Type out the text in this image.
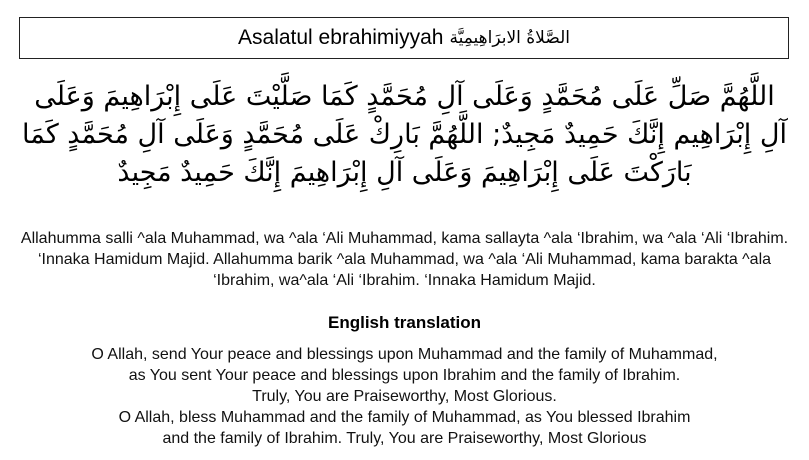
Asalatul ebrahimiyyah الصَّلاةُ الابرَاهِيمِيَّة
اللَّهُمَّ صَلِّ عَلَى مُحَمَّدٍ وَعَلَى آلِ مُحَمَّدٍ كَمَا صَلَّيْتَ عَلَى إِبْرَاهِيمَ وَعَلَى آلِ إِبْرَاهِيم إِنَّكَ حَمِيدٌ مَجِيدٌ; اللَّهُمَّ بَارِكْ عَلَى مُحَمَّدٍ وَعَلَى آلِ مُحَمَّدٍ كَمَا بَارَكْتَ عَلَى إِبْرَاهِيمَ وَعَلَى آلِ إِبْرَاهِيمَ إِنَّكَ حَمِيدٌ مَجِيدٌ
Allahumma salli ^ala Muhammad, wa ^ala ‘Ali Muhammad, kama sallayta ^ala ‘Ibrahim, wa ^ala ‘Ali ‘Ibrahim. ‘Innaka Hamidum Majid. Allahumma barik ^ala Muhammad, wa ^ala ‘Ali Muhammad, kama barakta ^ala ‘Ibrahim, wa^ala ‘Ali ‘Ibrahim. ‘Innaka Hamidum Majid.
English translation
O Allah, send Your peace and blessings upon Muhammad and the family of Muhammad,
as You sent Your peace and blessings upon Ibrahim and the family of Ibrahim.
Truly, You are Praiseworthy, Most Glorious.
O Allah, bless Muhammad and the family of Muhammad, as You blessed Ibrahim
and the family of Ibrahim. Truly, You are Praiseworthy, Most Glorious
